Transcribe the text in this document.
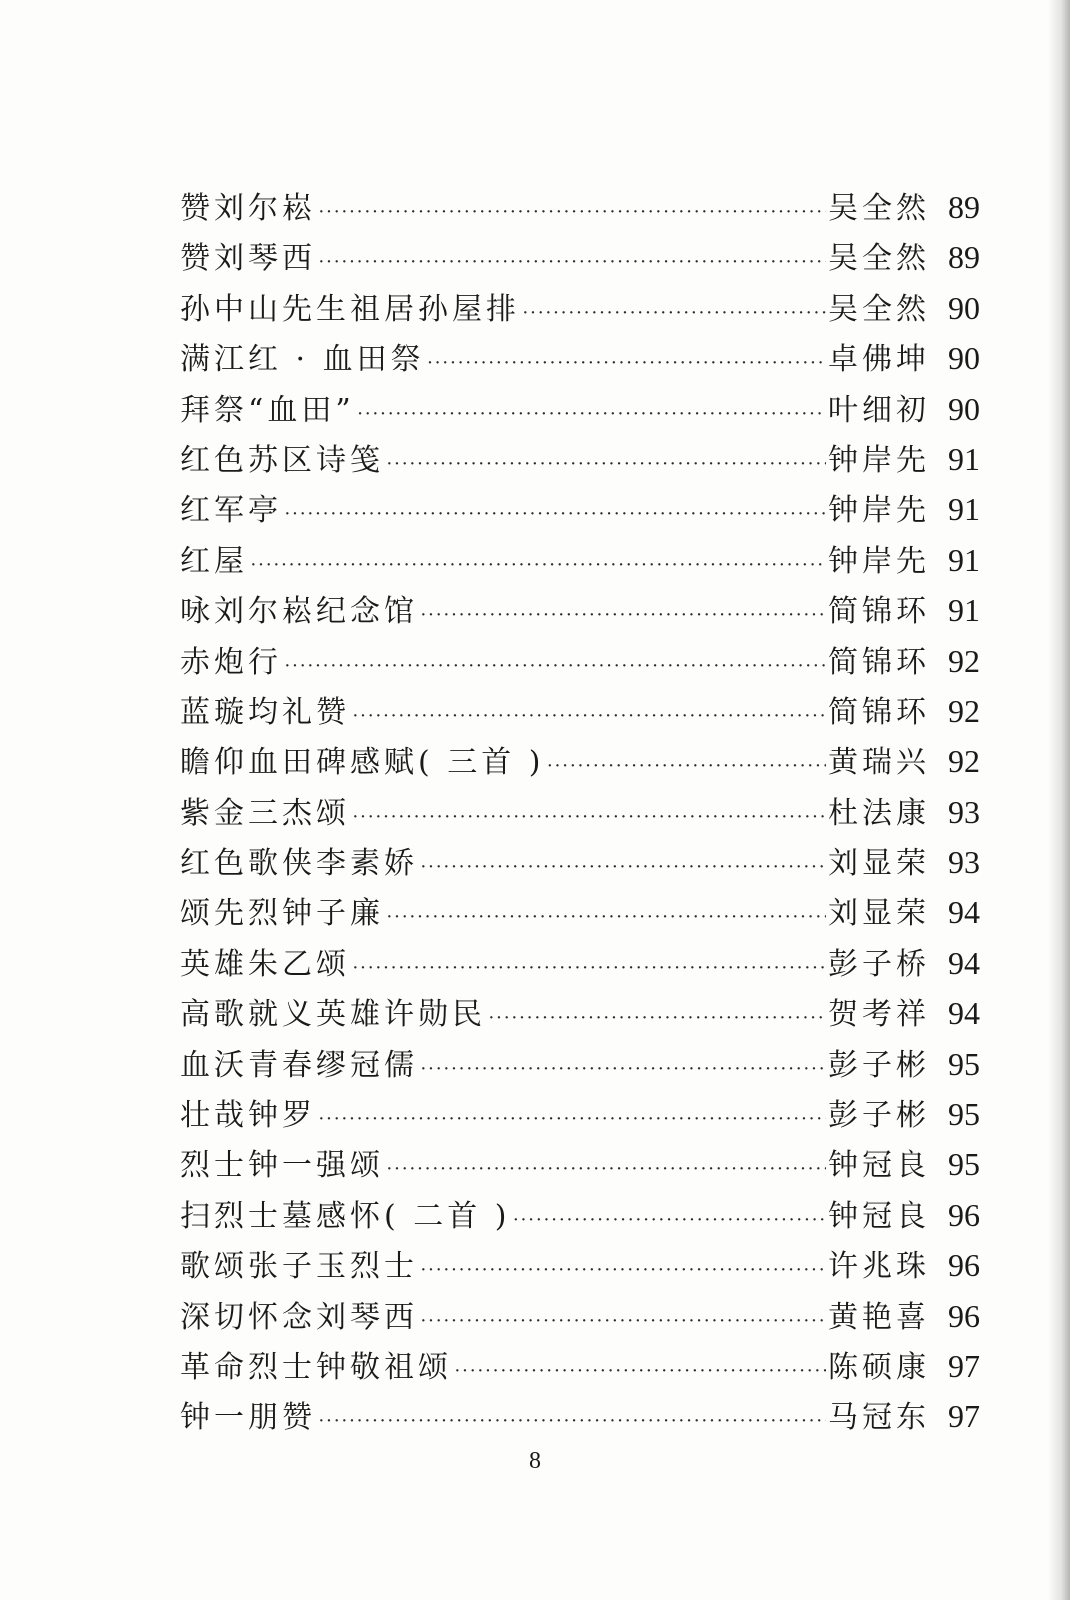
赞刘尔崧 ·····	吴全然 89
赞刘琴西 ·····	吴全然 89
孙中山先生祖居孙屋排 ·····	吴全然 90
满江红 · 血田祭 ·····	卓佛坤 90
拜祭“血田” ·····	叶细初 90
红色苏区诗笺 ·····	钟岸先 91
红军亭 ·····	钟岸先 91
红屋 ·····	钟岸先 91
咏刘尔崧纪念馆 ·····	简锦环 91
赤炮行 ·····	简锦环 92
蓝璇均礼赞 ·····	简锦环 92
瞻仰血田碑感赋( 三首 ) ·····	黄瑞兴 92
紫金三杰颂 ·····	杜法康 93
红色歌侠李素娇 ·····	刘显荣 93
颂先烈钟子廉 ·····	刘显荣 94
英雄朱乙颂 ·····	彭子桥 94
高歌就义英雄许勋民 ·····	贺考祥 94
血沃青春缪冠儒 ·····	彭子彬 95
壮哉钟罗 ·····	彭子彬 95
烈士钟一强颂 ·····	钟冠良 95
扫烈士墓感怀( 二首 ) ·····	钟冠良 96
歌颂张子玉烈士 ·····	许兆珠 96
深切怀念刘琴西 ·····	黄艳喜 96
革命烈士钟敬祖颂 ·····	陈硕康 97
钟一朋赞 ·····	马冠东 97
8
